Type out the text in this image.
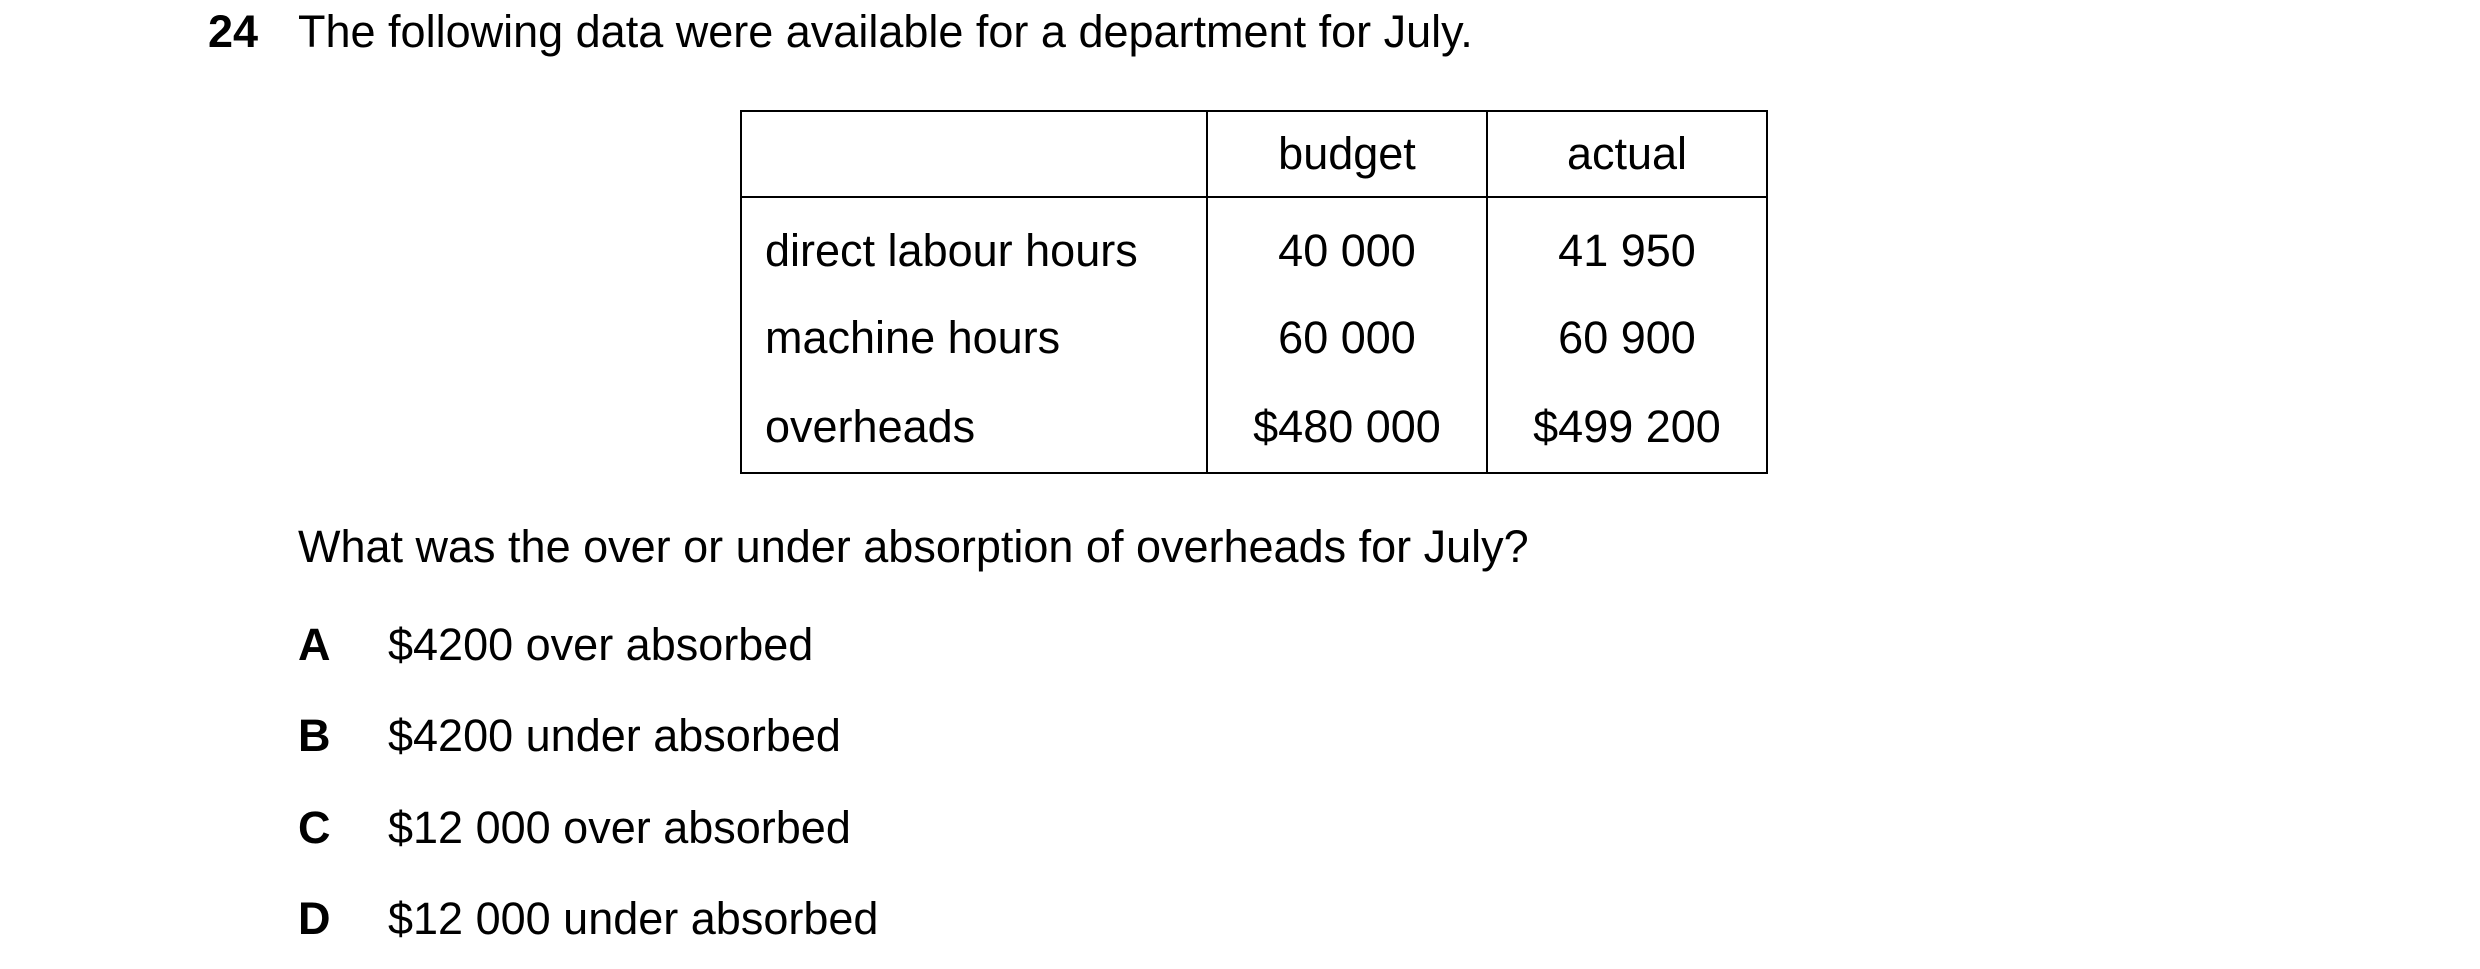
24 The following data were available for a department for July.
	budget	actual
direct labour hours	40 000	41 950
machine hours	60 000	60 900
overheads	$480 000	$499 200
What was the over or under absorption of overheads for July?
A	$4200 over absorbed
B	$4200 under absorbed
C	$12 000 over absorbed
D	$12 000 under absorbed
